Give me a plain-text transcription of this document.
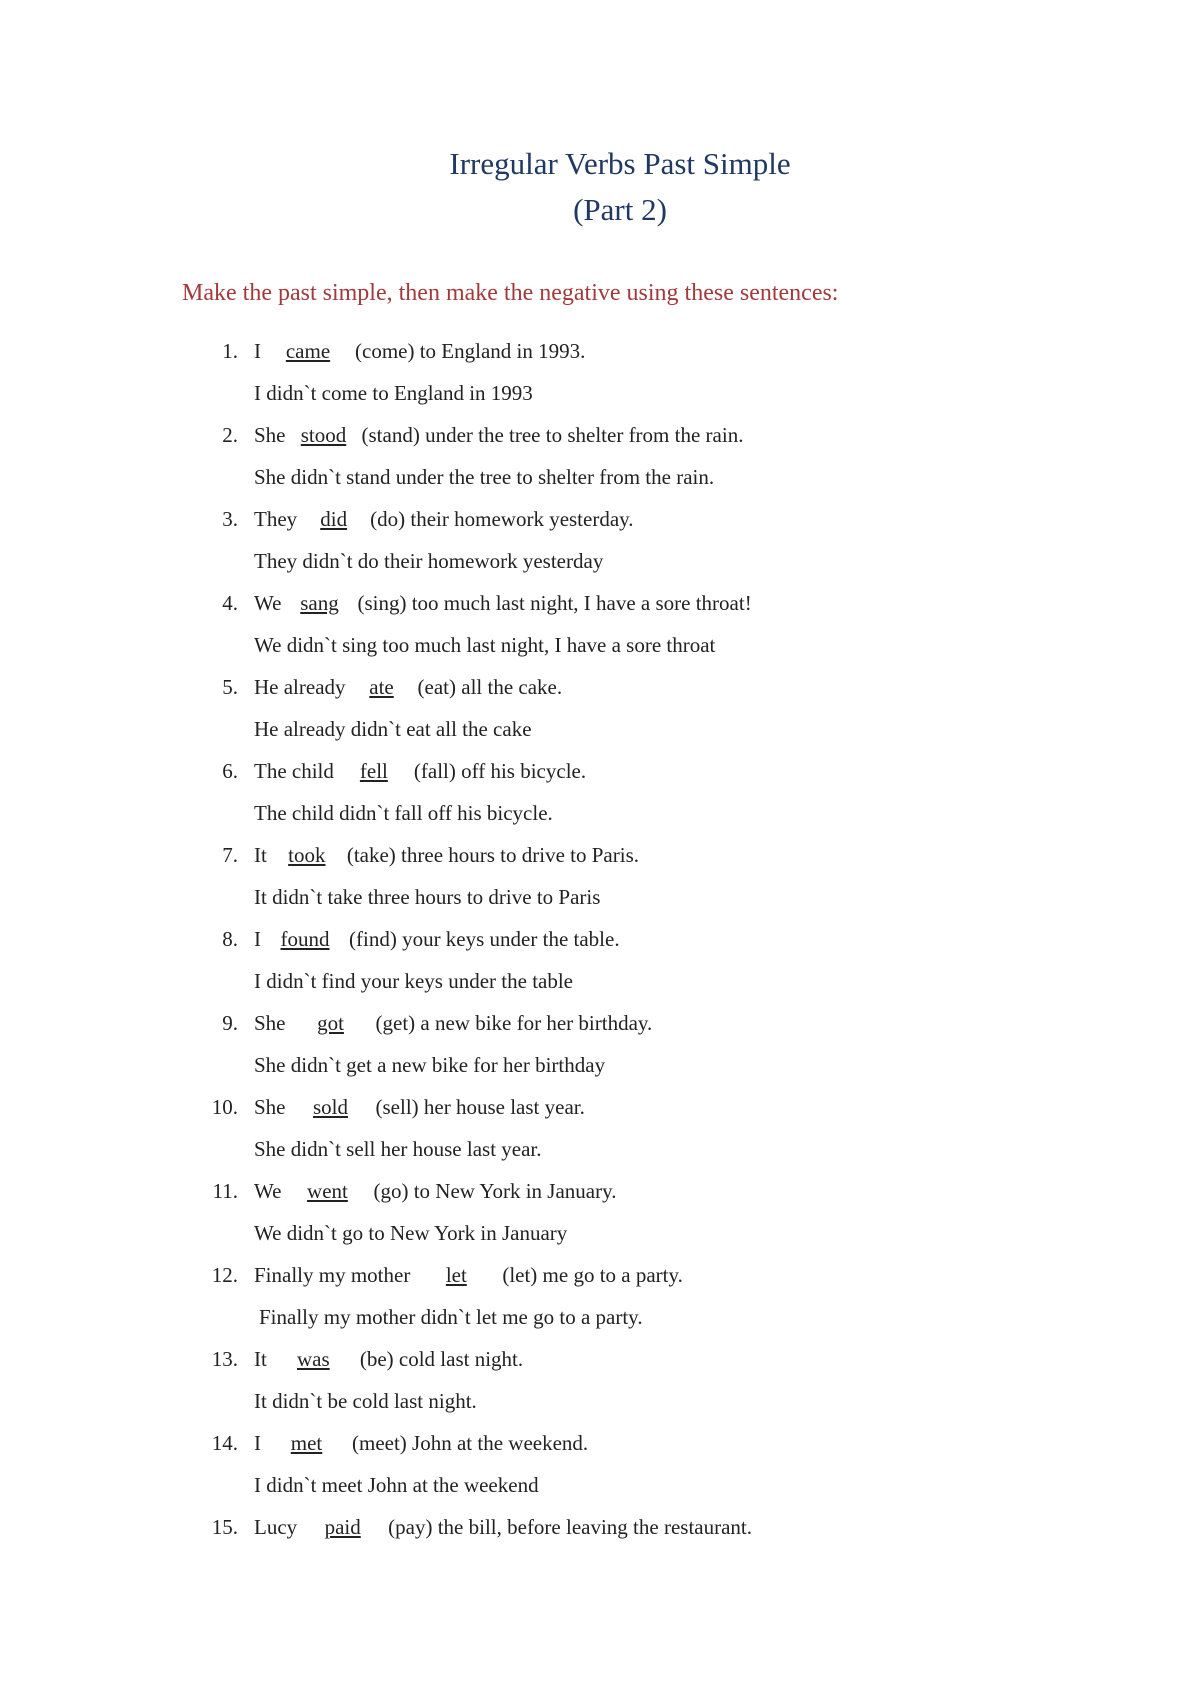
Irregular Verbs Past Simple
(Part 2)
Make the past simple, then make the negative using these sentences:
1. I came (come) to England in 1993.
I didn`t come to England in 1993
2. She stood (stand) under the tree to shelter from the rain.
She didn`t stand under the tree to shelter from the rain.
3. They did (do) their homework yesterday.
They didn`t do their homework yesterday
4. We sang (sing) too much last night, I have a sore throat!
We didn`t sing too much last night, I have a sore throat
5. He already ate (eat) all the cake.
He already didn`t eat all the cake
6. The child fell (fall) off his bicycle.
The child didn`t fall off his bicycle.
7. It took (take) three hours to drive to Paris.
It didn`t take three hours to drive to Paris
8. I found (find) your keys under the table.
I didn`t find your keys under the table
9. She got (get) a new bike for her birthday.
She didn`t get a new bike for her birthday
10. She sold (sell) her house last year.
She didn`t sell her house last year.
11. We went (go) to New York in January.
We didn`t go to New York in January
12. Finally my mother let (let) me go to a party.
Finally my mother didn`t let me go to a party.
13. It was (be) cold last night.
It didn`t be cold last night.
14. I met (meet) John at the weekend.
I didn`t meet John at the weekend
15. Lucy paid (pay) the bill, before leaving the restaurant.
